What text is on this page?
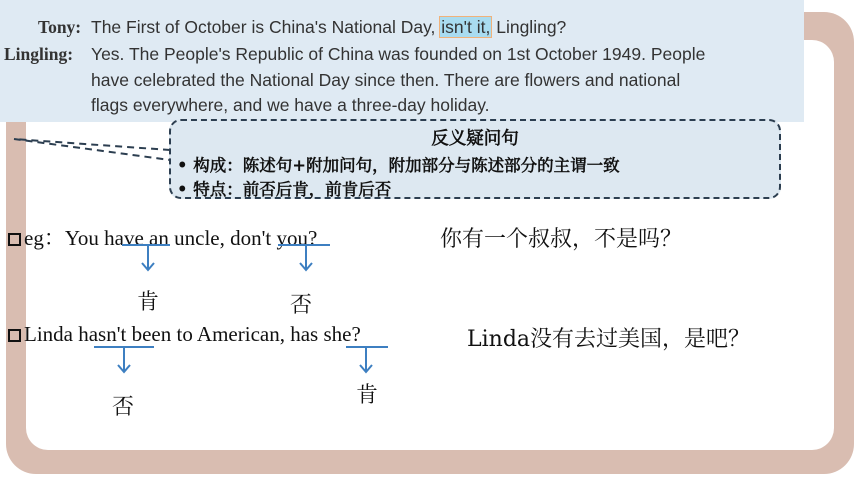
Tony: The First of October is China's National Day, isn't it, Lingling?
Lingling: Yes. The People's Republic of China was founded on 1st October 1949. People
have celebrated the National Day since then. There are flowers and national
flags everywhere, and we have a three-day holiday.
反义疑问句
• 构成：陈述句+附加问句，附加部分与陈述部分的主谓一致
• 特点：前否后肯，前肯后否
eg：You have an uncle, don't you?	你有一个叔叔，不是吗？
肯	否
Linda hasn't been to American, has she?	Linda没有去过美国，是吧？
否	肯
